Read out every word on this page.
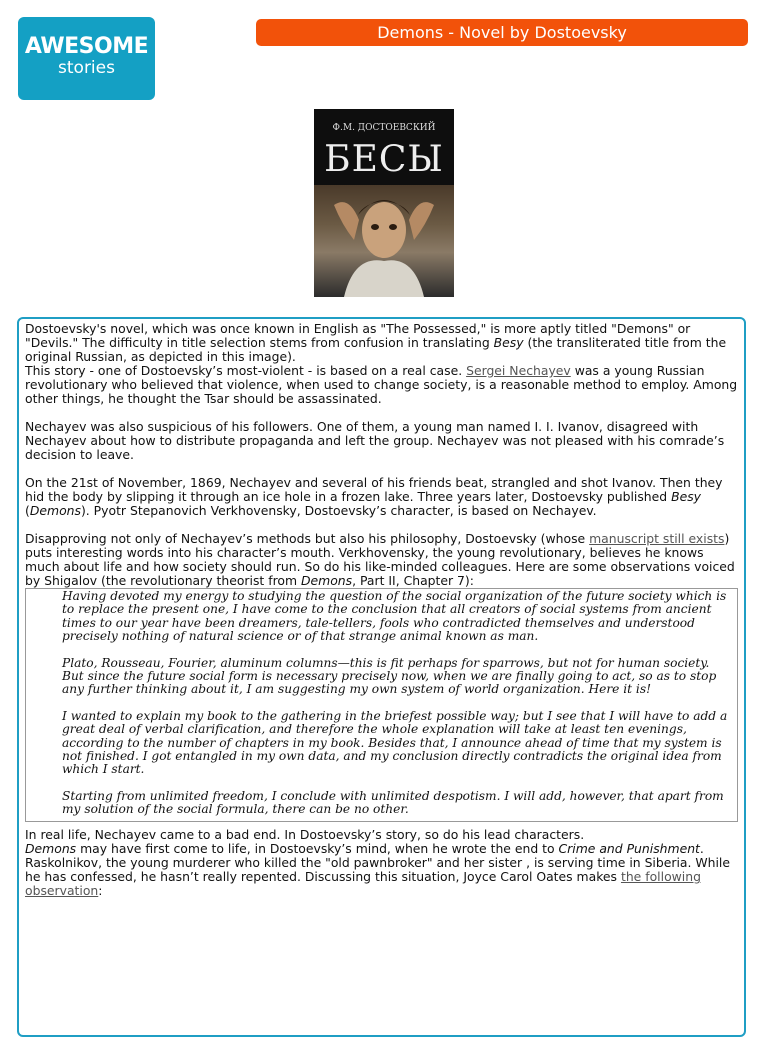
AWESOME
stories
Demons - Novel by Dostoevsky
Ф.М. ДОСТОЕВСКИЙ
БЕСЫ

Dostoevsky's novel, which was once known in English as "The Possessed," is more aptly titled "Demons" or "Devils." The difficulty in title selection stems from confusion in translating Besy (the transliterated title from the original Russian, as depicted in this image).

This story - one of Dostoevsky’s most-violent - is based on a real case. Sergei Nechayev was a young Russian revolutionary who believed that violence, when used to change society, is a reasonable method to employ. Among other things, he thought the Tsar should be assassinated.

Nechayev was also suspicious of his followers. One of them, a young man named I. I. Ivanov, disagreed with Nechayev about how to distribute propaganda and left the group. Nechayev was not pleased with his comrade’s decision to leave.

On the 21st of November, 1869, Nechayev and several of his friends beat, strangled and shot Ivanov. Then they hid the body by slipping it through an ice hole in a frozen lake. Three years later, Dostoevsky published Besy (Demons). Pyotr Stepanovich Verkhovensky, Dostoevsky’s character, is based on Nechayev.

Disapproving not only of Nechayev’s methods but also his philosophy, Dostoevsky (whose manuscript still exists) puts interesting words into his character’s mouth. Verkhovensky, the young revolutionary, believes he knows much about life and how society should run. So do his like-minded colleagues. Here are some observations voiced by Shigalov (the revolutionary theorist from Demons, Part II, Chapter 7):

Having devoted my energy to studying the question of the social organization of the future society which is to replace the present one, I have come to the conclusion that all creators of social systems from ancient times to our year have been dreamers, tale-tellers, fools who contradicted themselves and understood precisely nothing of natural science or of that strange animal known as man.

Plato, Rousseau, Fourier, aluminum columns—this is fit perhaps for sparrows, but not for human society. But since the future social form is necessary precisely now, when we are finally going to act, so as to stop any further thinking about it, I am suggesting my own system of world organization. Here it is!

I wanted to explain my book to the gathering in the briefest possible way; but I see that I will have to add a great deal of verbal clarification, and therefore the whole explanation will take at least ten evenings, according to the number of chapters in my book. Besides that, I announce ahead of time that my system is not finished. I got entangled in my own data, and my conclusion directly contradicts the original idea from which I start.

Starting from unlimited freedom, I conclude with unlimited despotism. I will add, however, that apart from my solution of the social formula, there can be no other.

In real life, Nechayev came to a bad end. In Dostoevsky’s story, so do his lead characters.

Demons may have first come to life, in Dostoevsky’s mind, when he wrote the end to Crime and Punishment. Raskolnikov, the young murderer who killed the "old pawnbroker" and her sister , is serving time in Siberia. While he has confessed, he hasn’t really repented. Discussing this situation, Joyce Carol Oates makes the following observation:
